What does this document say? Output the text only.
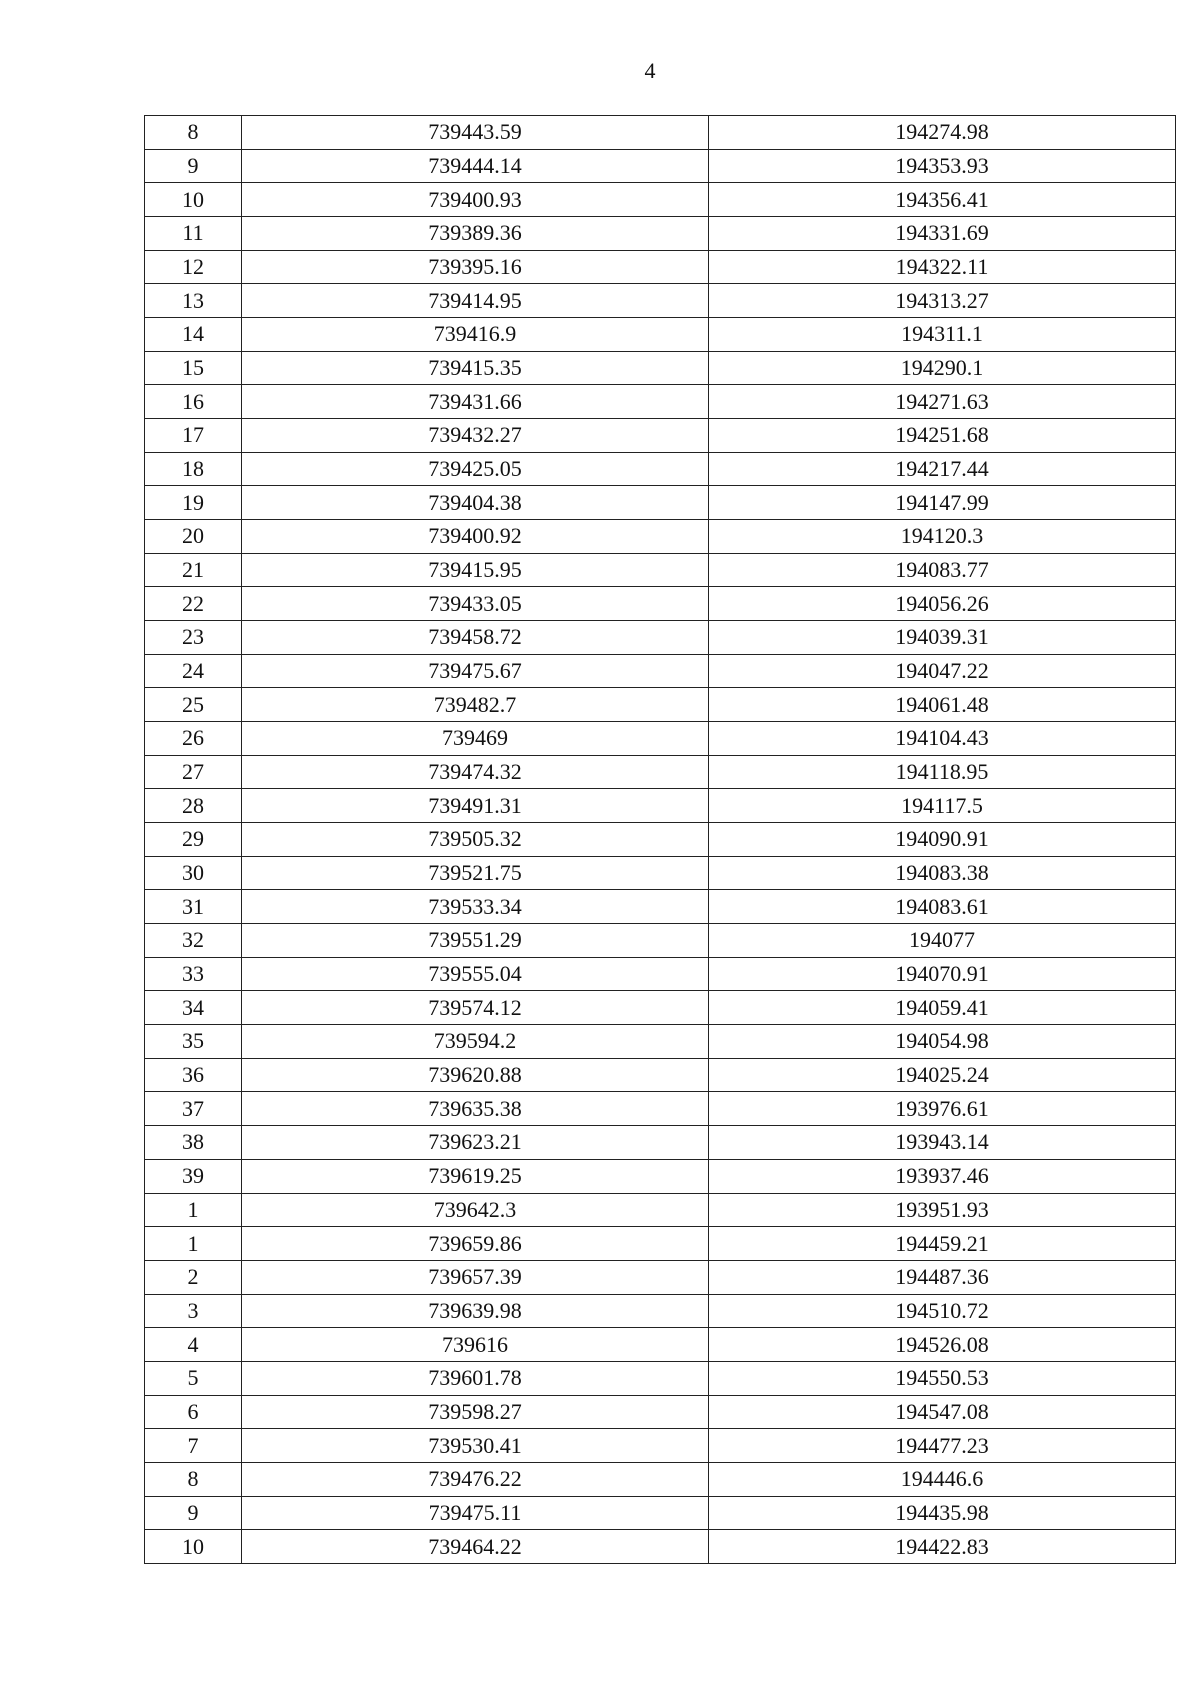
4
8	739443.59	194274.98
9	739444.14	194353.93
10	739400.93	194356.41
11	739389.36	194331.69
12	739395.16	194322.11
13	739414.95	194313.27
14	739416.9	194311.1
15	739415.35	194290.1
16	739431.66	194271.63
17	739432.27	194251.68
18	739425.05	194217.44
19	739404.38	194147.99
20	739400.92	194120.3
21	739415.95	194083.77
22	739433.05	194056.26
23	739458.72	194039.31
24	739475.67	194047.22
25	739482.7	194061.48
26	739469	194104.43
27	739474.32	194118.95
28	739491.31	194117.5
29	739505.32	194090.91
30	739521.75	194083.38
31	739533.34	194083.61
32	739551.29	194077
33	739555.04	194070.91
34	739574.12	194059.41
35	739594.2	194054.98
36	739620.88	194025.24
37	739635.38	193976.61
38	739623.21	193943.14
39	739619.25	193937.46
1	739642.3	193951.93
1	739659.86	194459.21
2	739657.39	194487.36
3	739639.98	194510.72
4	739616	194526.08
5	739601.78	194550.53
6	739598.27	194547.08
7	739530.41	194477.23
8	739476.22	194446.6
9	739475.11	194435.98
10	739464.22	194422.83
